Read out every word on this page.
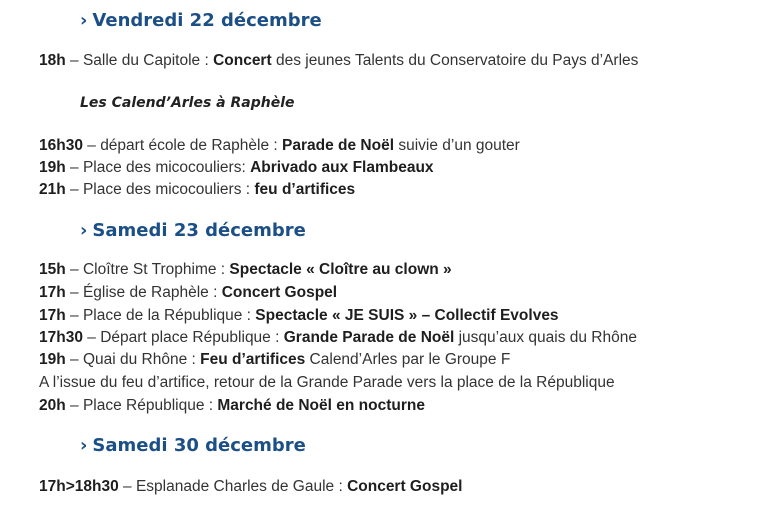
› Vendredi 22 décembre
18h – Salle du Capitole : Concert des jeunes Talents du Conservatoire du Pays d’Arles
Les Calend’Arles à Raphèle
16h30 – départ école de Raphèle : Parade de Noël suivie d’un gouter
19h – Place des micocouliers: Abrivado aux Flambeaux
21h – Place des micocouliers : feu d’artifices
› Samedi 23 décembre
15h – Cloître St Trophime : Spectacle « Cloître au clown »
17h – Église de Raphèle : Concert Gospel
17h – Place de la République : Spectacle « JE SUIS » – Collectif Evolves
17h30 – Départ place République : Grande Parade de Noël jusqu’aux quais du Rhône
19h – Quai du Rhône : Feu d’artifices Calend’Arles par le Groupe F
A l’issue du feu d’artifice, retour de la Grande Parade vers la place de la République
20h – Place République : Marché de Noël en nocturne
› Samedi 30 décembre
17h>18h30 – Esplanade Charles de Gaule : Concert Gospel
